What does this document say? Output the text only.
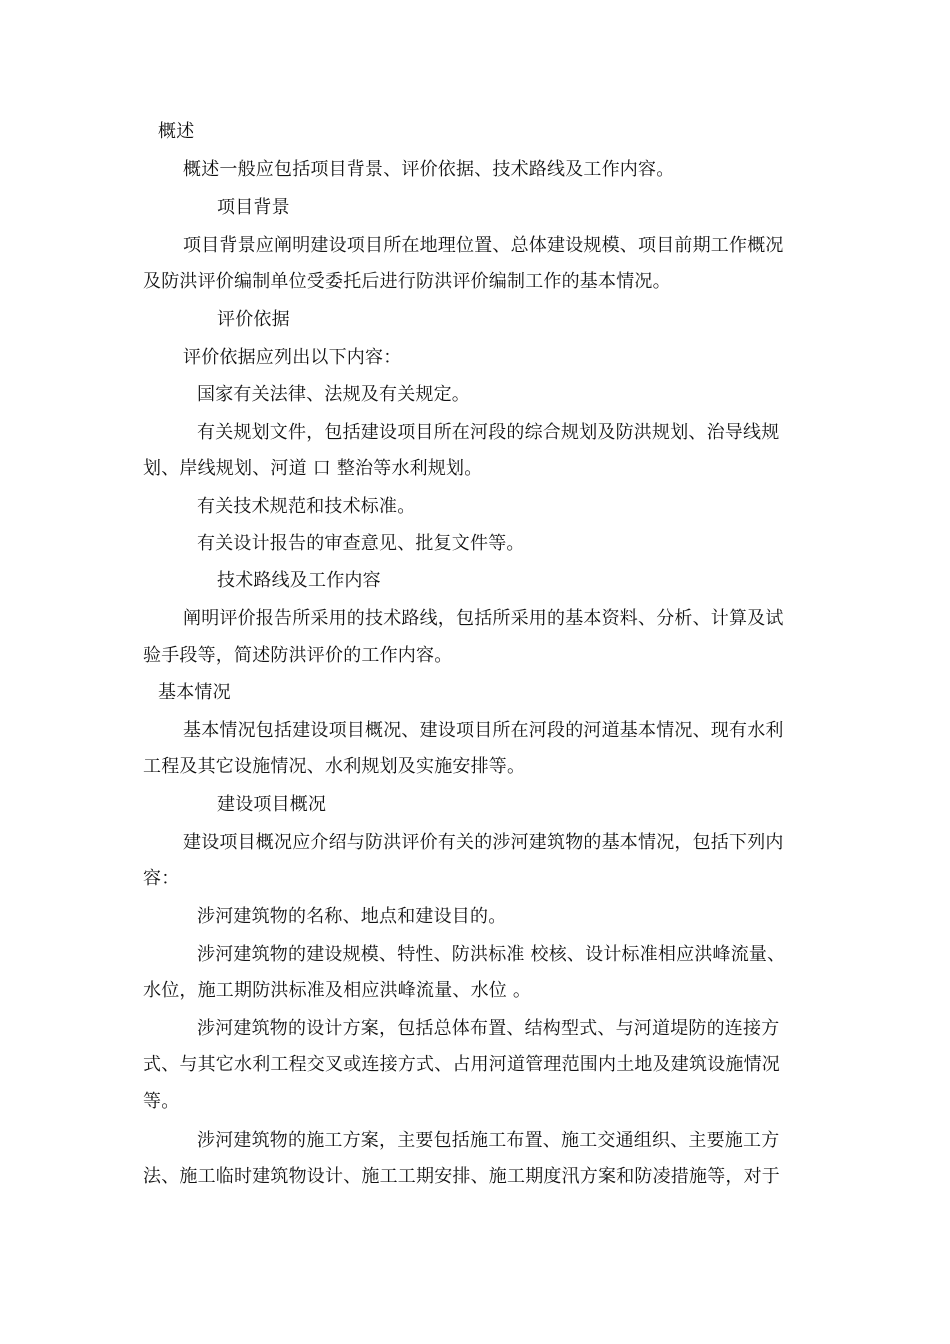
概述
概述一般应包括项目背景、评价依据、技术路线及工作内容。
项目背景
项目背景应阐明建设项目所在地理位置、总体建设规模、项目前期工作概况
及防洪评价编制单位受委托后进行防洪评价编制工作的基本情况。
评价依据
评价依据应列出以下内容：
国家有关法律、法规及有关规定。
有关规划文件，包括建设项目所在河段的综合规划及防洪规划、治导线规
划、岸线规划、河道 口 整治等水利规划。
有关技术规范和技术标准。
有关设计报告的审查意见、批复文件等。
技术路线及工作内容
阐明评价报告所采用的技术路线，包括所采用的基本资料、分析、计算及试
验手段等，简述防洪评价的工作内容。
基本情况
基本情况包括建设项目概况、建设项目所在河段的河道基本情况、现有水利
工程及其它设施情况、水利规划及实施安排等。
建设项目概况
建设项目概况应介绍与防洪评价有关的涉河建筑物的基本情况，包括下列内
容：
涉河建筑物的名称、地点和建设目的。
涉河建筑物的建设规模、特性、防洪标准 校核、设计标准相应洪峰流量、
水位，施工期防洪标准及相应洪峰流量、水位 。
涉河建筑物的设计方案，包括总体布置、结构型式、与河道堤防的连接方
式、与其它水利工程交叉或连接方式、占用河道管理范围内土地及建筑设施情况
等。
涉河建筑物的施工方案，主要包括施工布置、施工交通组织、主要施工方
法、施工临时建筑物设计、施工工期安排、施工期度汛方案和防凌措施等，对于
